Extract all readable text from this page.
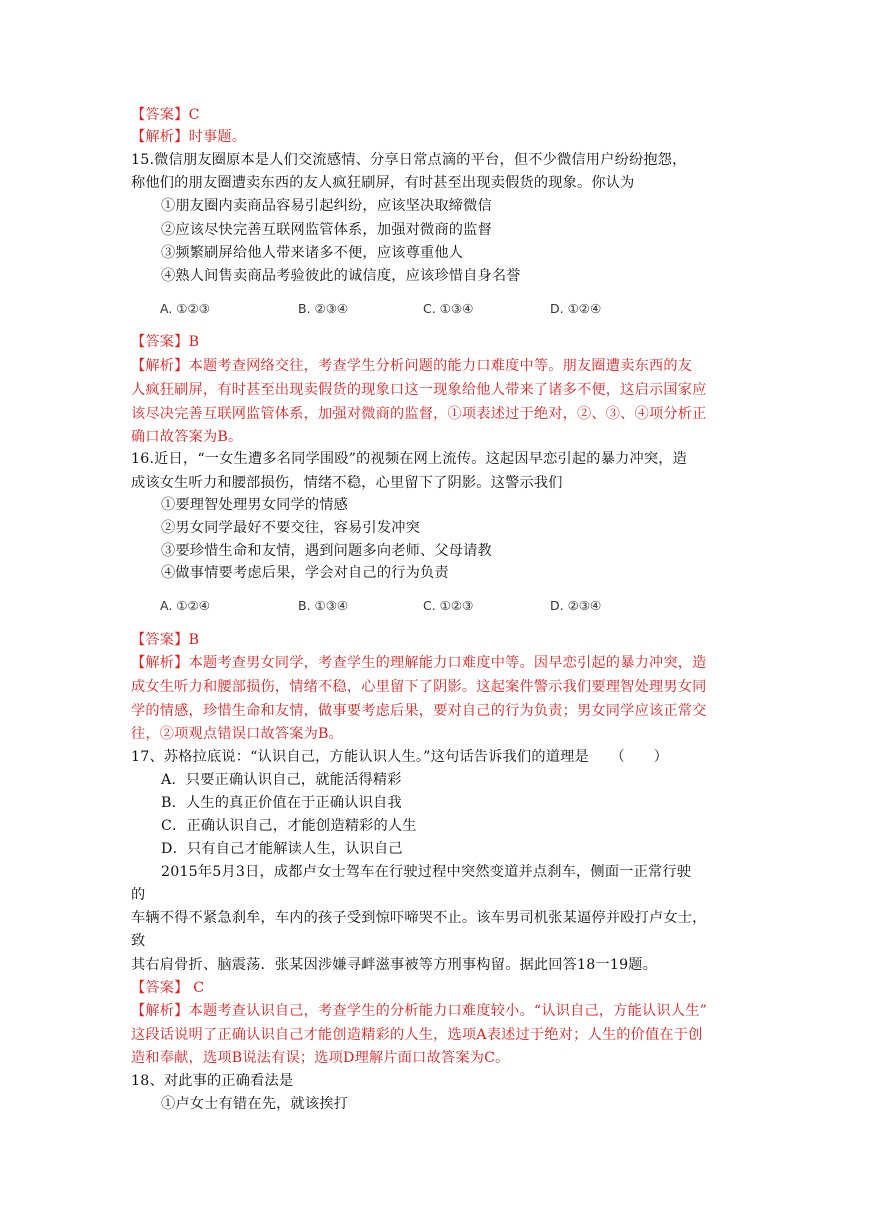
【答案】C
【解析】时事题。
15.微信朋友圈原本是人们交流感情、分享日常点滴的平台，但不少微信用户纷纷抱怨，
称他们的朋友圈遭卖东西的友人疯狂刷屏，有时甚至出现卖假货的现象。你认为
①朋友圈内卖商品容易引起纠纷，应该坚决取缔微信
②应该尽快完善互联网监管体系，加强对微商的监督
③频繁刷屏给他人带来诸多不便，应该尊重他人
④熟人间售卖商品考验彼此的诚信度，应该珍惜自身名誉
【答案】B
【解析】本题考查网络交往，考查学生分析问题的能力口难度中等。朋友圈遭卖东西的友
人疯狂刷屏，有时甚至出现卖假货的现象口这一现象给他人带来了诸多不便，这启示国家应
该尽决完善互联网监管体系，加强对微商的监督，①项表述过于绝对，②、③、④项分析正
确口故答案为B。
16.近日，“一女生遭多名同学围殴”的视频在网上流传。这起因早恋引起的暴力冲突，造
成该女生听力和腰部损伤，情绪不稳，心里留下了阴影。这警示我们
①要理智处理男女同学的情感
②男女同学最好不要交往，容易引发冲突
③要珍惜生命和友情，遇到问题多向老师、父母请教
④做事情要考虑后果，学会对自己的行为负责
【答案】B
【解析】本题考查男女同学，考查学生的理解能力口难度中等。因早恋引起的暴力冲突，造
成女生听力和腰部损伤，情绪不稳，心里留下了阴影。这起案件警示我们要理智处理男女同
学的情感，珍惜生命和友情，做事要考虑后果，要对自己的行为负责；男女同学应该正常交
往，②项观点错误口故答案为B。
17、苏格拉底说：“认识自己，方能认识人生。”这句话告诉我们的道理是　　（　　）
A．只要正确认识自己，就能活得精彩
B．人生的真正价值在于正确认识自我
C．正确认识自己，才能创造精彩的人生
D．只有自己才能解读人生，认识自己
2015年5月3日，成都卢女士驾车在行驶过程中突然变道并点刹车，侧面一正常行驶
的
车辆不得不紧急刹牟，车内的孩子受到惊吓啼哭不止。该车男司机张某逼停并殴打卢女士，
致
其右肩骨折、脑震荡．张某因涉嫌寻衅滋事被等方刑事构留。据此回答18一19题。
【答案】 C
【解析】本题考查认识自己，考查学生的分析能力口难度较小。“认识自己，方能认识人生”
这段话说明了正确认识自己才能创造精彩的人生，选项A表述过于绝对；人生的价值在于创
造和奉献，选项B说法有误；选项D理解片面口故答案为C。
18、对此事的正确看法是
①卢女士有错在先，就该挨打
A. ①②③	B. ②③④	C. ①③④	D. ①②④
A. ①②④	B. ①③④	C. ①②③	D. ②③④
